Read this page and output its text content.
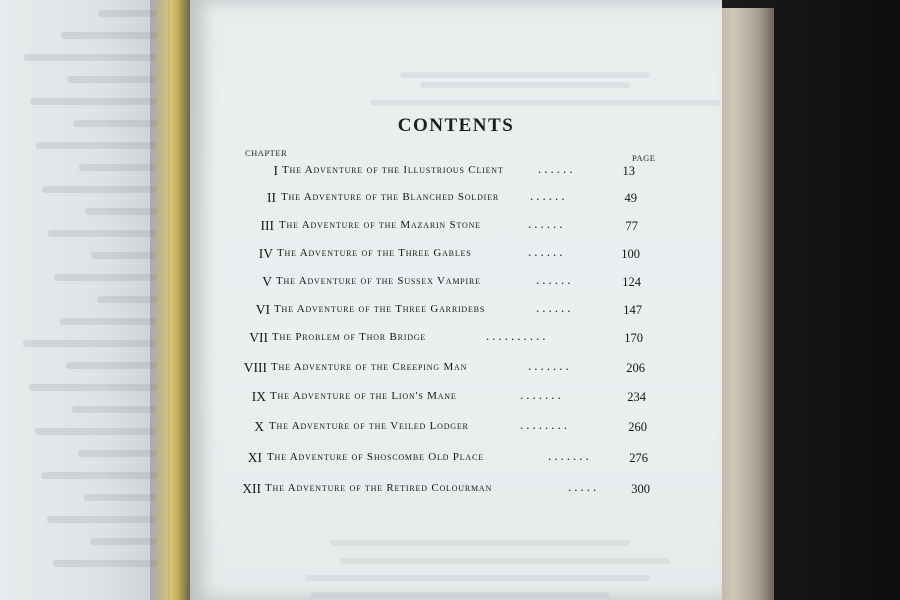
CONTENTS
CHAPTER	PAGE
I The Adventure of the Illustrious Client	......	13
II The Adventure of the Blanched Soldier ......	49
III The Adventure of the Mazarin Stone	......	77
IV The Adventure of the Three Gables	......	100
V The Adventure of the Sussex Vampire	......	124
VI The Adventure of the Three Garridebs	......	147
VII The Problem of Thor Bridge	..........	170
VIII The Adventure of the Creeping Man	.......	206
IX The Adventure of the Lion's Mane	.......	234
X The Adventure of the Veiled Lodger	........	260
XI The Adventure of Shoscombe Old Place	.......	276
XII The Adventure of the Retired Colourman	.....	300
